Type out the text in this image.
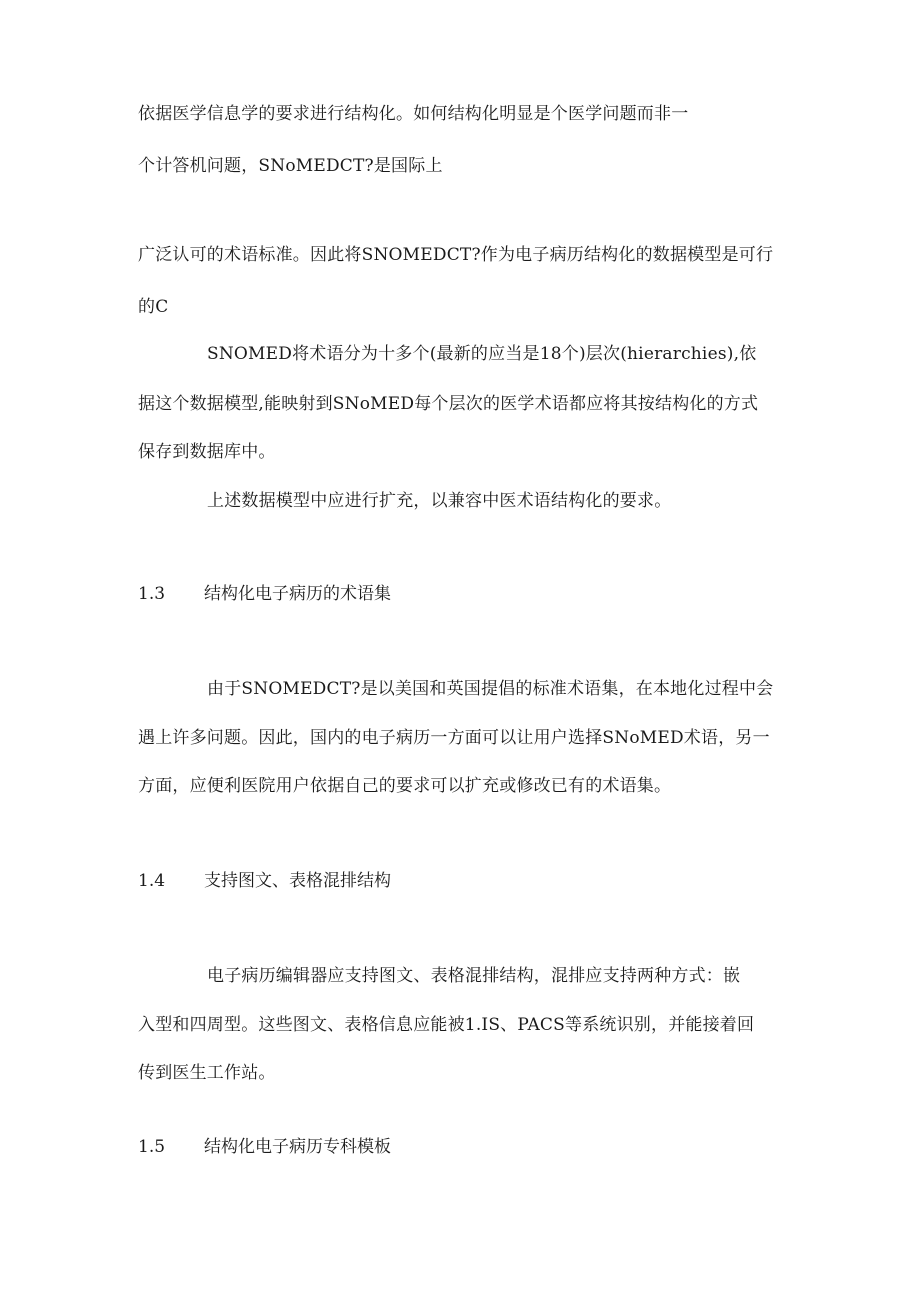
依据医学信息学的要求进行结构化。如何结构化明显是个医学问题而非一
个计答机问题，SNoMEDCT?是国际上
广泛认可的术语标准。因此将SNOMEDCT?作为电子病历结构化的数据模型是可行
的C
SNOMED将术语分为十多个(最新的应当是18个)层次(hierarchies),依
据这个数据模型,能映射到SNoMED每个层次的医学术语都应将其按结构化的方式
保存到数据库中。
上述数据模型中应进行扩充，以兼容中医术语结构化的要求。
1.3 结构化电子病历的术语集
由于SNOMEDCT?是以美国和英国提倡的标准术语集，在本地化过程中会
遇上许多问题。因此，国内的电子病历一方面可以让用户选择SNoMED术语，另一
方面，应便利医院用户依据自己的要求可以扩充或修改已有的术语集。
1.4 支持图文、表格混排结构
电子病历编辑器应支持图文、表格混排结构，混排应支持两种方式：嵌
入型和四周型。这些图文、表格信息应能被1.IS、PACS等系统识别，并能接着回
传到医生工作站。
1.5 结构化电子病历专科模板
